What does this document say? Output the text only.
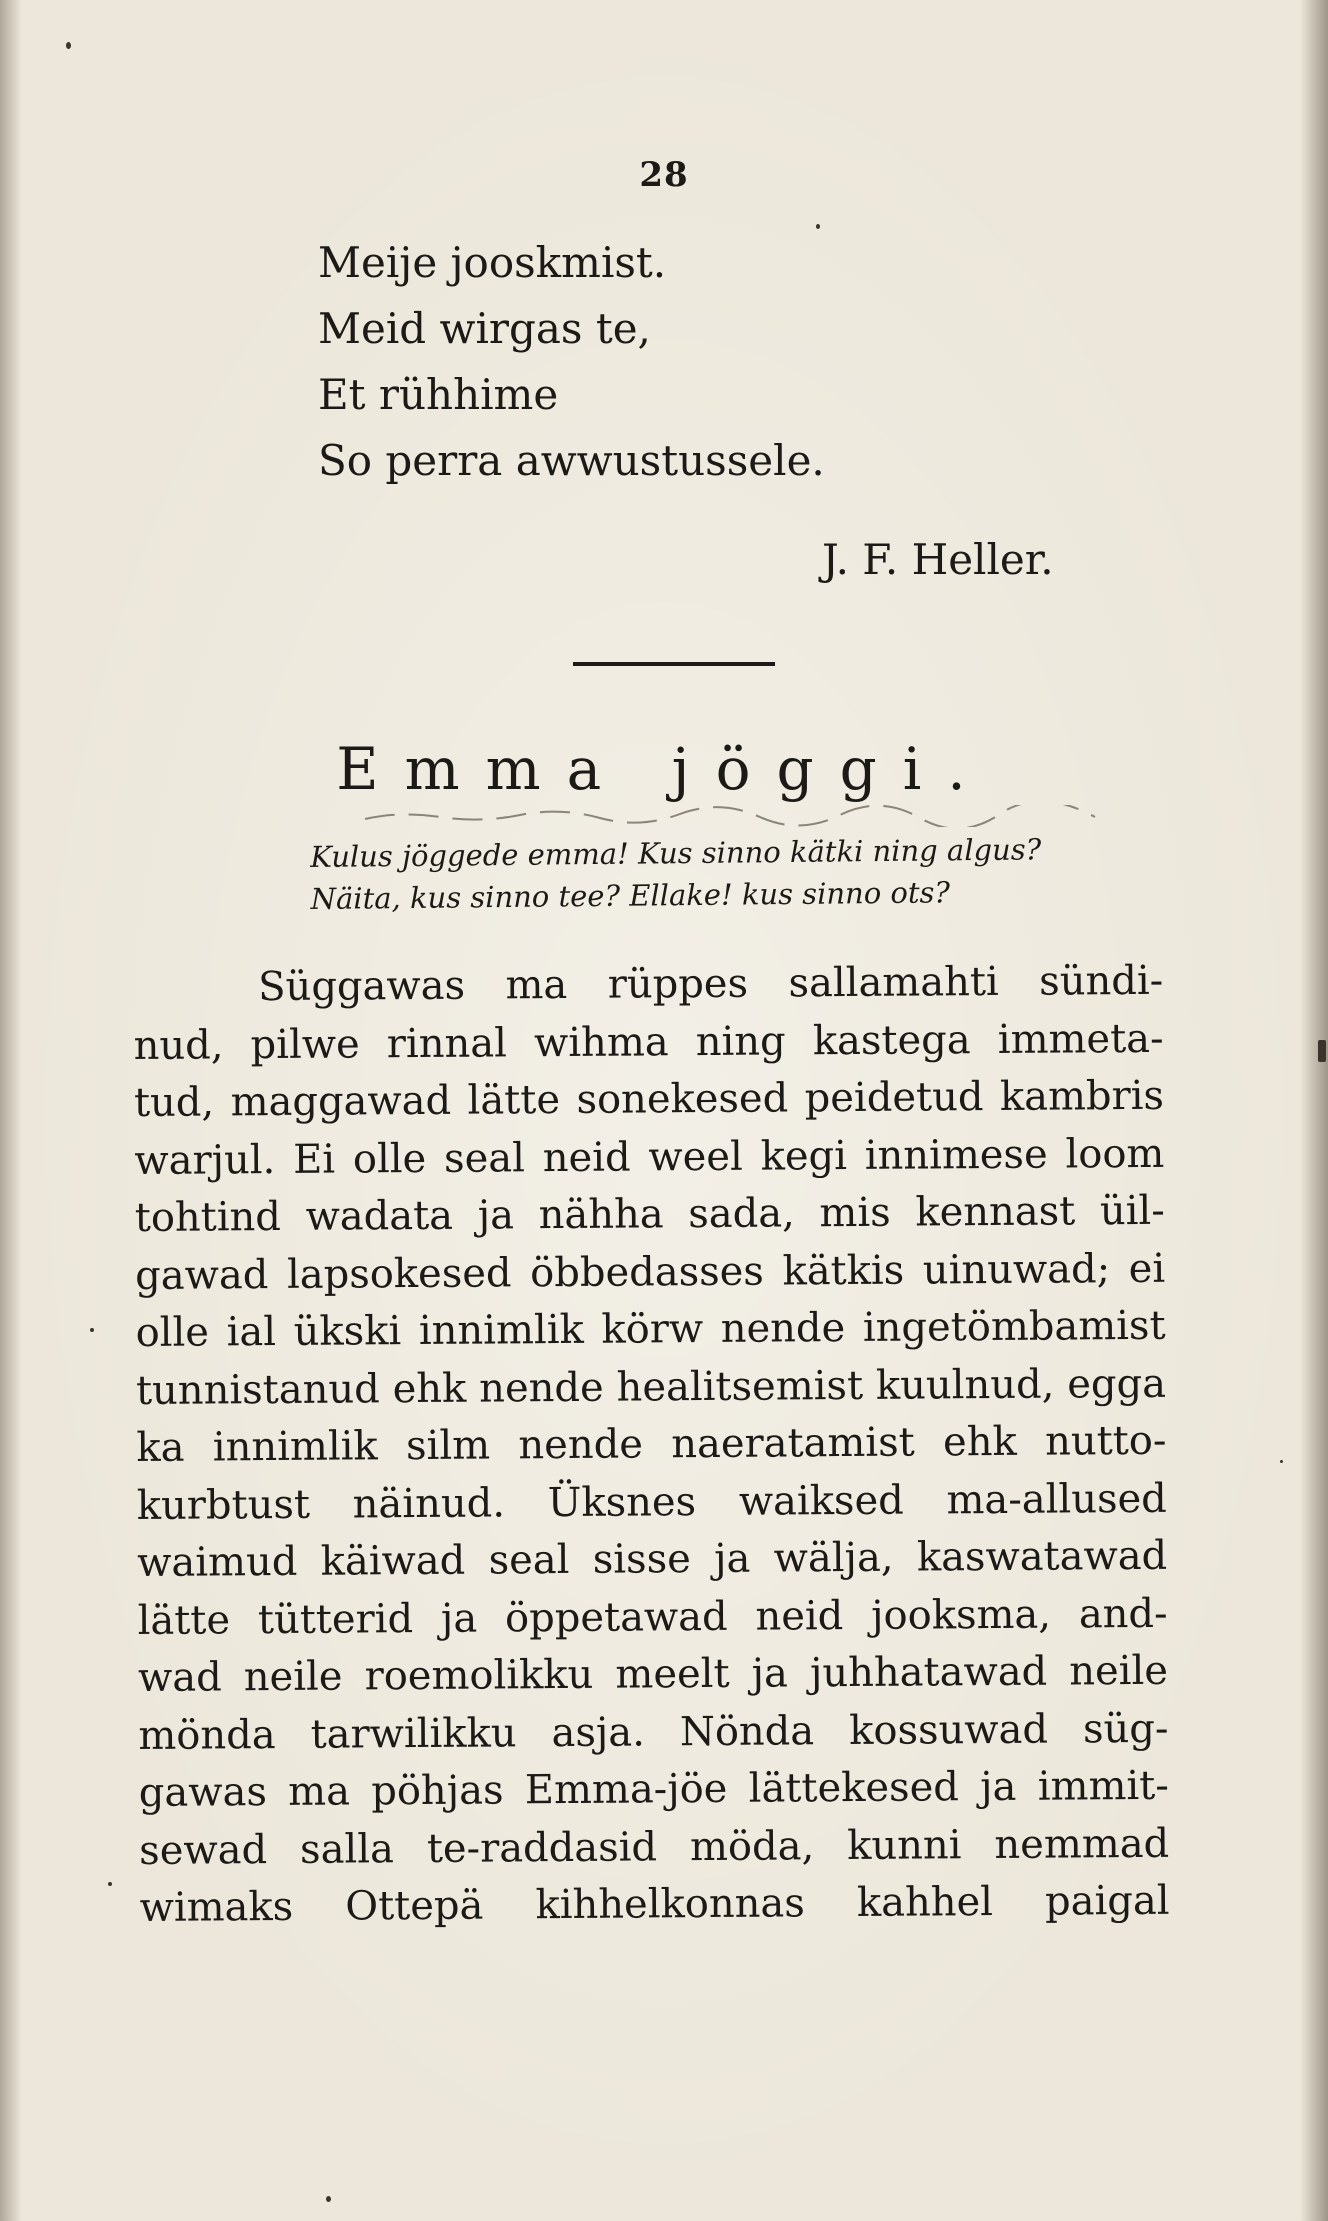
28
Meije jooskmist.
Meid wirgas te,
Et rühhime
So perra awwustussele.
J. F. Heller.
Emma jöggi.
Kulus jöggede emma! Kus sinno kätki ning algus?
Näita, kus sinno tee? Ellake! kus sinno ots?
Süggawas ma rüppes sallamahti sündi-
nud, pilwe rinnal wihma ning kastega immeta-
tud, maggawad lätte sonekesed peidetud kambris
warjul. Ei olle seal neid weel kegi innimese loom
tohtind wadata ja nähha sada, mis kennast üil-
gawad lapsokesed öbbedasses kätkis uinuwad; ei
olle ial ükski innimlik körw nende ingetömbamist
tunnistanud ehk nende healitsemist kuulnud, egga
ka innimlik silm nende naeratamist ehk nutto-
kurbtust näinud. Üksnes waiksed ma-allused
waimud käiwad seal sisse ja wälja, kaswatawad
lätte tütterid ja öppetawad neid jooksma, and-
wad neile roemolikku meelt ja juhhatawad neile
mönda tarwilikku asja. Nönda kossuwad süg-
gawas ma pöhjas Emma-jöe lättekesed ja immit-
sewad salla te-raddasid möda, kunni nemmad
wimaks Ottepä kihhelkonnas kahhel paigal
